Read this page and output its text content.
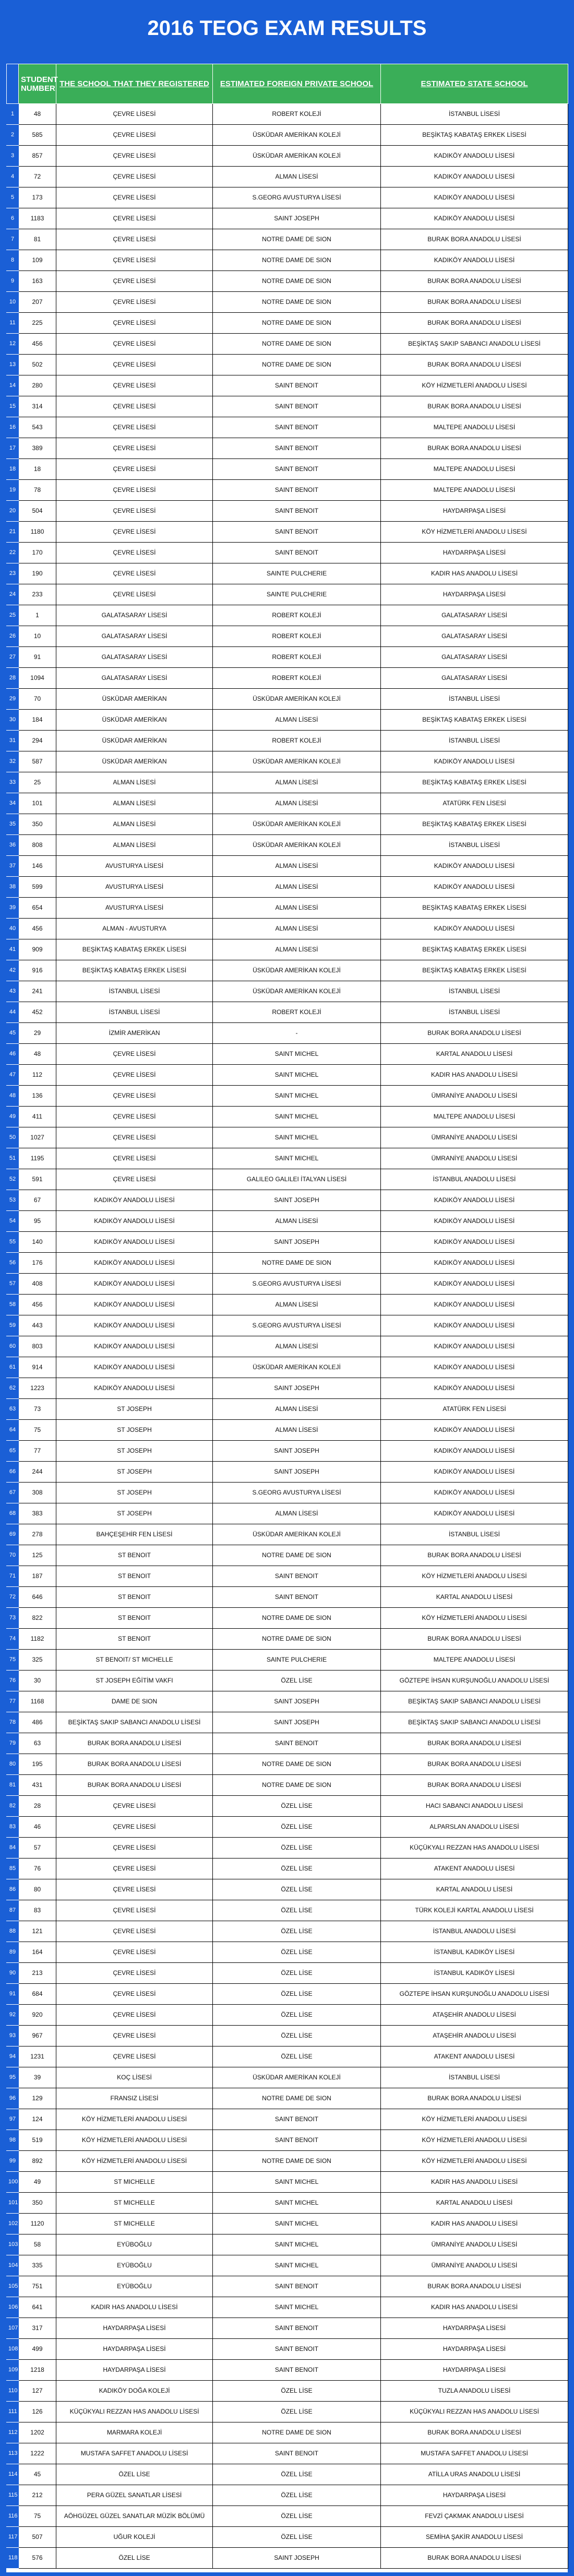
2016 TEOG EXAM RESULTS
	STUDENT NUMBER	THE SCHOOL THAT THEY REGISTERED	ESTIMATED FOREIGN PRIVATE SCHOOL	ESTIMATED STATE SCHOOL
1	48	ÇEVRE LİSESİ	ROBERT KOLEJİ	İSTANBUL LİSESİ
2	585	ÇEVRE LİSESİ	ÜSKÜDAR AMERİKAN KOLEJİ	BEŞİKTAŞ KABATAŞ ERKEK LİSESİ
3	857	ÇEVRE LİSESİ	ÜSKÜDAR AMERİKAN KOLEJİ	KADIKÖY ANADOLU LİSESİ
4	72	ÇEVRE LİSESİ	ALMAN LİSESİ	KADIKÖY ANADOLU LİSESİ
5	173	ÇEVRE LİSESİ	S.GEORG AVUSTURYA LİSESİ	KADIKÖY ANADOLU LİSESİ
6	1183	ÇEVRE LİSESİ	SAINT JOSEPH	KADIKÖY ANADOLU LİSESİ
7	81	ÇEVRE LİSESİ	NOTRE DAME DE SION	BURAK BORA ANADOLU LİSESİ
8	109	ÇEVRE LİSESİ	NOTRE DAME DE SION	KADIKÖY ANADOLU LİSESİ
9	163	ÇEVRE LİSESİ	NOTRE DAME DE SION	BURAK BORA ANADOLU LİSESİ
10	207	ÇEVRE LİSESİ	NOTRE DAME DE SION	BURAK BORA ANADOLU LİSESİ
11	225	ÇEVRE LİSESİ	NOTRE DAME DE SION	BURAK BORA ANADOLU LİSESİ
12	456	ÇEVRE LİSESİ	NOTRE DAME DE SION	BEŞİKTAŞ SAKIP SABANCI ANADOLU LİSESİ
13	502	ÇEVRE LİSESİ	NOTRE DAME DE SION	BURAK BORA ANADOLU LİSESİ
14	280	ÇEVRE LİSESİ	SAINT BENOIT	KÖY HİZMETLERİ ANADOLU LİSESİ
15	314	ÇEVRE LİSESİ	SAINT BENOIT	BURAK BORA ANADOLU LİSESİ
16	543	ÇEVRE LİSESİ	SAINT BENOIT	MALTEPE ANADOLU LİSESİ
17	389	ÇEVRE LİSESİ	SAINT BENOIT	BURAK BORA ANADOLU LİSESİ
18	18	ÇEVRE LİSESİ	SAINT BENOIT	MALTEPE ANADOLU LİSESİ
19	78	ÇEVRE LİSESİ	SAINT BENOIT	MALTEPE ANADOLU LİSESİ
20	504	ÇEVRE LİSESİ	SAINT BENOIT	HAYDARPAŞA LİSESİ
21	1180	ÇEVRE LİSESİ	SAINT BENOIT	KÖY HİZMETLERİ ANADOLU LİSESİ
22	170	ÇEVRE LİSESİ	SAINT BENOIT	HAYDARPAŞA LİSESİ
23	190	ÇEVRE LİSESİ	SAINTE PULCHERIE	KADIR HAS ANADOLU LİSESİ
24	233	ÇEVRE LİSESİ	SAINTE PULCHERIE	HAYDARPAŞA LİSESİ
25	1	GALATASARAY LİSESİ	ROBERT KOLEJİ	GALATASARAY LİSESİ
26	10	GALATASARAY LİSESİ	ROBERT KOLEJİ	GALATASARAY LİSESİ
27	91	GALATASARAY LİSESİ	ROBERT KOLEJİ	GALATASARAY LİSESİ
28	1094	GALATASARAY LİSESİ	ROBERT KOLEJİ	GALATASARAY LİSESİ
29	70	ÜSKÜDAR AMERİKAN	ÜSKÜDAR AMERİKAN KOLEJİ	İSTANBUL LİSESİ
30	184	ÜSKÜDAR AMERİKAN	ALMAN LİSESİ	BEŞİKTAŞ KABATAŞ ERKEK LİSESİ
31	294	ÜSKÜDAR AMERİKAN	ROBERT KOLEJİ	İSTANBUL LİSESİ
32	587	ÜSKÜDAR AMERİKAN	ÜSKÜDAR AMERİKAN KOLEJİ	KADIKÖY ANADOLU LİSESİ
33	25	ALMAN LİSESİ	ALMAN LİSESİ	BEŞİKTAŞ KABATAŞ ERKEK LİSESİ
34	101	ALMAN LİSESİ	ALMAN LİSESİ	ATATÜRK FEN LİSESİ
35	350	ALMAN LİSESİ	ÜSKÜDAR AMERİKAN KOLEJİ	BEŞİKTAŞ KABATAŞ ERKEK LİSESİ
36	808	ALMAN LİSESİ	ÜSKÜDAR AMERİKAN KOLEJİ	İSTANBUL LİSESİ
37	146	AVUSTURYA LİSESİ	ALMAN LİSESİ	KADIKÖY ANADOLU LİSESİ
38	599	AVUSTURYA LİSESİ	ALMAN LİSESİ	KADIKÖY ANADOLU LİSESİ
39	654	AVUSTURYA LİSESİ	ALMAN LİSESİ	BEŞİKTAŞ KABATAŞ ERKEK LİSESİ
40	456	ALMAN - AVUSTURYA	ALMAN LİSESİ	KADIKÖY ANADOLU LİSESİ
41	909	BEŞİKTAŞ KABATAŞ ERKEK LİSESİ	ALMAN LİSESİ	BEŞİKTAŞ KABATAŞ ERKEK LİSESİ
42	916	BEŞİKTAŞ KABATAŞ ERKEK LİSESİ	ÜSKÜDAR AMERİKAN KOLEJİ	BEŞİKTAŞ KABATAŞ ERKEK LİSESİ
43	241	İSTANBUL LİSESİ	ÜSKÜDAR AMERİKAN KOLEJİ	İSTANBUL LİSESİ
44	452	İSTANBUL LİSESİ	ROBERT KOLEJİ	İSTANBUL LİSESİ
45	29	İZMİR AMERİKAN	-	BURAK BORA ANADOLU LİSESİ
46	48	ÇEVRE LİSESİ	SAINT MICHEL	KARTAL ANADOLU LİSESİ
47	112	ÇEVRE LİSESİ	SAINT MICHEL	KADIR HAS ANADOLU LİSESİ
48	136	ÇEVRE LİSESİ	SAINT MICHEL	ÜMRANİYE ANADOLU LİSESİ
49	411	ÇEVRE LİSESİ	SAINT MICHEL	MALTEPE ANADOLU LİSESİ
50	1027	ÇEVRE LİSESİ	SAINT MICHEL	ÜMRANİYE ANADOLU LİSESİ
51	1195	ÇEVRE LİSESİ	SAINT MICHEL	ÜMRANİYE ANADOLU LİSESİ
52	591	ÇEVRE LİSESİ	GALILEO GALILEI İTALYAN LİSESİ	İSTANBUL ANADOLU LİSESİ
53	67	KADIKÖY ANADOLU LİSESİ	SAINT JOSEPH	KADIKÖY ANADOLU LİSESİ
54	95	KADIKÖY ANADOLU LİSESİ	ALMAN LİSESİ	KADIKÖY ANADOLU LİSESİ
55	140	KADIKÖY ANADOLU LİSESİ	SAINT JOSEPH	KADIKÖY ANADOLU LİSESİ
56	176	KADIKÖY ANADOLU LİSESİ	NOTRE DAME DE SION	KADIKÖY ANADOLU LİSESİ
57	408	KADIKÖY ANADOLU LİSESİ	S.GEORG AVUSTURYA LİSESİ	KADIKÖY ANADOLU LİSESİ
58	456	KADIKÖY ANADOLU LİSESİ	ALMAN LİSESİ	KADIKÖY ANADOLU LİSESİ
59	443	KADIKÖY ANADOLU LİSESİ	S.GEORG AVUSTURYA LİSESİ	KADIKÖY ANADOLU LİSESİ
60	803	KADIKÖY ANADOLU LİSESİ	ALMAN LİSESİ	KADIKÖY ANADOLU LİSESİ
61	914	KADIKÖY ANADOLU LİSESİ	ÜSKÜDAR AMERİKAN KOLEJİ	KADIKÖY ANADOLU LİSESİ
62	1223	KADIKÖY ANADOLU LİSESİ	SAINT JOSEPH	KADIKÖY ANADOLU LİSESİ
63	73	ST JOSEPH	ALMAN LİSESİ	ATATÜRK FEN LİSESİ
64	75	ST JOSEPH	ALMAN LİSESİ	KADIKÖY ANADOLU LİSESİ
65	77	ST JOSEPH	SAINT JOSEPH	KADIKÖY ANADOLU LİSESİ
66	244	ST JOSEPH	SAINT JOSEPH	KADIKÖY ANADOLU LİSESİ
67	308	ST JOSEPH	S.GEORG AVUSTURYA LİSESİ	KADIKÖY ANADOLU LİSESİ
68	383	ST JOSEPH	ALMAN LİSESİ	KADIKÖY ANADOLU LİSESİ
69	278	BAHÇEŞEHİR FEN LİSESİ	ÜSKÜDAR AMERİKAN KOLEJİ	İSTANBUL LİSESİ
70	125	ST BENOIT	NOTRE DAME DE SION	BURAK BORA ANADOLU LİSESİ
71	187	ST BENOIT	SAINT BENOIT	KÖY HİZMETLERİ ANADOLU LİSESİ
72	646	ST BENOIT	SAINT BENOIT	KARTAL ANADOLU LİSESİ
73	822	ST BENOIT	NOTRE DAME DE SION	KÖY HİZMETLERİ ANADOLU LİSESİ
74	1182	ST BENOIT	NOTRE DAME DE SION	BURAK BORA ANADOLU LİSESİ
75	325	ST BENOIT/ ST MICHELLE	SAINTE PULCHERIE	MALTEPE ANADOLU LİSESİ
76	30	ST JOSEPH EĞİTİM VAKFI	ÖZEL LİSE	GÖZTEPE İHSAN KURŞUNOĞLU ANADOLU LİSESİ
77	1168	DAME DE SION	SAINT JOSEPH	BEŞİKTAŞ SAKIP SABANCI ANADOLU LİSESİ
78	486	BEŞİKTAŞ SAKIP SABANCI ANADOLU LİSESİ	SAINT JOSEPH	BEŞİKTAŞ SAKIP SABANCI ANADOLU LİSESİ
79	63	BURAK BORA ANADOLU LİSESİ	SAINT BENOIT	BURAK BORA ANADOLU LİSESİ
80	195	BURAK BORA ANADOLU LİSESİ	NOTRE DAME DE SION	BURAK BORA ANADOLU LİSESİ
81	431	BURAK BORA ANADOLU LİSESİ	NOTRE DAME DE SION	BURAK BORA ANADOLU LİSESİ
82	28	ÇEVRE LİSESİ	ÖZEL LİSE	HACI SABANCI ANADOLU LİSESİ
83	46	ÇEVRE LİSESİ	ÖZEL LİSE	ALPARSLAN ANADOLU LİSESİ
84	57	ÇEVRE LİSESİ	ÖZEL LİSE	KÜÇÜKYALI REZZAN HAS ANADOLU LİSESİ
85	76	ÇEVRE LİSESİ	ÖZEL LİSE	ATAKENT ANADOLU LİSESİ
86	80	ÇEVRE LİSESİ	ÖZEL LİSE	KARTAL ANADOLU LİSESİ
87	83	ÇEVRE LİSESİ	ÖZEL LİSE	TÜRK KOLEJİ KARTAL ANADOLU LİSESİ
88	121	ÇEVRE LİSESİ	ÖZEL LİSE	İSTANBUL ANADOLU LİSESİ
89	164	ÇEVRE LİSESİ	ÖZEL LİSE	İSTANBUL KADIKÖY LİSESİ
90	213	ÇEVRE LİSESİ	ÖZEL LİSE	İSTANBUL KADIKÖY LİSESİ
91	684	ÇEVRE LİSESİ	ÖZEL LİSE	GÖZTEPE İHSAN KURŞUNOĞLU ANADOLU LİSESİ
92	920	ÇEVRE LİSESİ	ÖZEL LİSE	ATAŞEHİR ANADOLU LİSESİ
93	967	ÇEVRE LİSESİ	ÖZEL LİSE	ATAŞEHİR ANADOLU LİSESİ
94	1231	ÇEVRE LİSESİ	ÖZEL LİSE	ATAKENT ANADOLU LİSESİ
95	39	KOÇ LİSESİ	ÜSKÜDAR AMERİKAN KOLEJİ	İSTANBUL LİSESİ
96	129	FRANSIZ LİSESİ	NOTRE DAME DE SION	BURAK BORA ANADOLU LİSESİ
97	124	KÖY HİZMETLERİ ANADOLU LİSESİ	SAINT BENOIT	KÖY HİZMETLERİ ANADOLU LİSESİ
98	519	KÖY HİZMETLERİ ANADOLU LİSESİ	SAINT BENOIT	KÖY HİZMETLERİ ANADOLU LİSESİ
99	892	KÖY HİZMETLERİ ANADOLU LİSESİ	NOTRE DAME DE SION	KÖY HİZMETLERİ ANADOLU LİSESİ
100	49	ST MICHELLE	SAINT MICHEL	KADIR HAS ANADOLU LİSESİ
101	350	ST MICHELLE	SAINT MICHEL	KARTAL ANADOLU LİSESİ
102	1120	ST MICHELLE	SAINT MICHEL	KADIR HAS ANADOLU LİSESİ
103	58	EYÜBOĞLU	SAINT MICHEL	ÜMRANİYE ANADOLU LİSESİ
104	335	EYÜBOĞLU	SAINT MICHEL	ÜMRANİYE ANADOLU LİSESİ
105	751	EYÜBOĞLU	SAINT BENOIT	BURAK BORA ANADOLU LİSESİ
106	641	KADIR HAS ANADOLU LİSESİ	SAINT MICHEL	KADIR HAS ANADOLU LİSESİ
107	317	HAYDARPAŞA LİSESİ	SAINT BENOIT	HAYDARPAŞA LİSESİ
108	499	HAYDARPAŞA LİSESİ	SAINT BENOIT	HAYDARPAŞA LİSESİ
109	1218	HAYDARPAŞA LİSESİ	SAINT BENOIT	HAYDARPAŞA LİSESİ
110	127	KADIKÖY DOĞA KOLEJİ	ÖZEL LİSE	TUZLA ANADOLU LİSESİ
111	126	KÜÇÜKYALI REZZAN HAS ANADOLU LİSESİ	ÖZEL LİSE	KÜÇÜKYALI REZZAN HAS ANADOLU LİSESİ
112	1202	MARMARA KOLEJİ	NOTRE DAME DE SION	BURAK BORA ANADOLU LİSESİ
113	1222	MUSTAFA SAFFET ANADOLU LİSESİ	SAINT BENOIT	MUSTAFA SAFFET ANADOLU LİSESİ
114	45	ÖZEL LİSE	ÖZEL LİSE	ATİLLA URAS ANADOLU LİSESİ
115	212	PERA GÜZEL SANATLAR LİSESİ	ÖZEL LİSE	HAYDARPAŞA LİSESİ
116	75	AÖHGÜZEL GÜZEL SANATLAR MÜZİK BÖLÜMÜ	ÖZEL LİSE	FEVZİ ÇAKMAK ANADOLU LİSESİ
117	507	UĞUR KOLEJİ	ÖZEL LİSE	SEMİHA ŞAKİR ANADOLU LİSESİ
118	576	ÖZEL LİSE	SAINT JOSEPH	BURAK BORA ANADOLU LİSESİ
